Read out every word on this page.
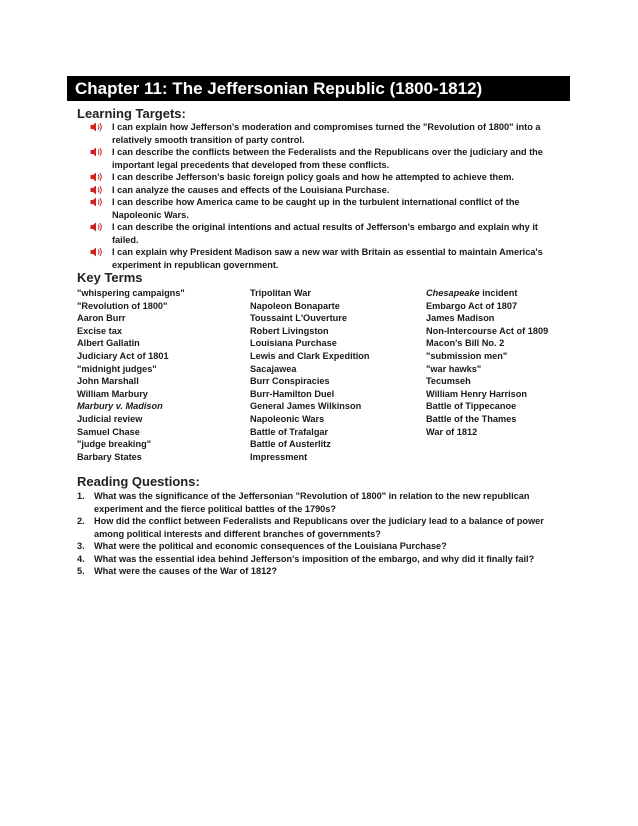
Chapter 11: The Jeffersonian Republic (1800-1812)
Learning Targets:
I can explain how Jefferson's moderation and compromises turned the "Revolution of 1800" into a relatively smooth transition of party control.
I can describe the conflicts between the Federalists and the Republicans over the judiciary and the important legal precedents that developed from these conflicts.
I can describe Jefferson's basic foreign policy goals and how he attempted to achieve them.
I can analyze the causes and effects of the Louisiana Purchase.
I can describe how America came to be caught up in the turbulent international conflict of the Napoleonic Wars.
I can describe the original intentions and actual results of Jefferson's embargo and explain why it failed.
I can explain why President Madison saw a new war with Britain as essential to maintain America's experiment in republican government.
Key Terms
"whispering campaigns"
"Revolution of 1800"
Aaron Burr
Excise tax
Albert Gallatin
Judiciary Act of 1801
"midnight judges"
John Marshall
William Marbury
Marbury v. Madison
Judicial review
Samuel Chase
"judge breaking"
Barbary States
Tripolitan War
Napoleon Bonaparte
Toussaint L'Ouverture
Robert Livingston
Louisiana Purchase
Lewis and Clark Expedition
Sacajawea
Burr Conspiracies
Burr-Hamilton Duel
General James Wilkinson
Napoleonic Wars
Battle of Trafalgar
Battle of Austerlitz
Impressment
Chesapeake incident
Embargo Act of 1807
James Madison
Non-Intercourse Act of 1809
Macon's Bill No. 2
"submission men"
"war hawks"
Tecumseh
William Henry Harrison
Battle of Tippecanoe
Battle of the Thames
War of 1812
Reading Questions:
1. What was the significance of the Jeffersonian "Revolution of 1800" in relation to the new republican experiment and the fierce political battles of the 1790s?
2. How did the conflict between Federalists and Republicans over the judiciary lead to a balance of power among political interests and different branches of governments?
3. What were the political and economic consequences of the Louisiana Purchase?
4. What was the essential idea behind Jefferson's imposition of the embargo, and why did it finally fail?
5. What were the causes of the War of 1812?
